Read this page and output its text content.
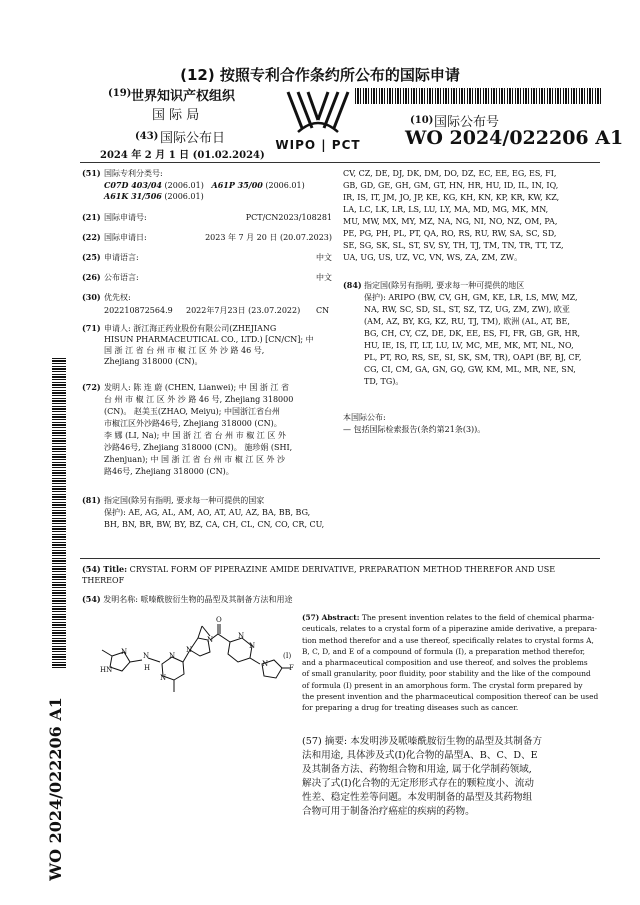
(12) 按照专利合作条约所公布的国际申请
(19) 世界知识产权组织
国 际 局
(43) 国际公布日
2024 年 2 月 1 日 (01.02.2024)
WIPO | PCT
(10) 国际公布号
WO 2024/022206 A1
WO 2024/022206 A1
(51) 国际专利分类号:
C07D 403/04 (2006.01) A61P 35/00 (2006.01)
A61K 31/506 (2006.01)
(21) 国际申请号:	PCT/CN2023/108281
(22) 国际申请日:	2023 年 7 月 20 日 (20.07.2023)
(25) 申请语言:	中文
(26) 公布语言:	中文
(30) 优先权:
202210872564.9 2022年7月23日 (23.07.2022) CN
(71) 申请人: 浙江海正药业股份有限公司(ZHEJIANG
HISUN PHARMACEUTICAL CO., LTD.) [CN/CN]; 中
国 浙 江 省 台 州 市 椒 江 区 外 沙 路 46 号,
Zhejiang 318000 (CN)。
(72) 发明人: 陈 连 蔚 (CHEN, Lianwei); 中 国 浙 江 省
台 州 市 椒 江 区 外 沙 路 46 号, Zhejiang 318000
(CN)。 赵美玉(ZHAO, Meiyu); 中国浙江省台州
市椒江区外沙路46号, Zhejiang 318000 (CN)。
李 娜 (LI, Na); 中 国 浙 江 省 台 州 市 椒 江 区 外
沙路46号, Zhejiang 318000 (CN)。 施珍娟 (SHI,
Zhenjuan); 中 国 浙 江 省 台 州 市 椒 江 区 外 沙
路46号, Zhejiang 318000 (CN)。
(81) 指定国(除另有指明, 要求每一种可提供的国家
保护): AE, AG, AL, AM, AO, AT, AU, AZ, BA, BB, BG,
BH, BN, BR, BW, BY, BZ, CA, CH, CL, CN, CO, CR, CU,
CV, CZ, DE, DJ, DK, DM, DO, DZ, EC, EE, EG, ES, FI,
GB, GD, GE, GH, GM, GT, HN, HR, HU, ID, IL, IN, IQ,
IR, IS, IT, JM, JO, JP, KE, KG, KH, KN, KP, KR, KW, KZ,
LA, LC, LK, LR, LS, LU, LY, MA, MD, MG, MK, MN,
MU, MW, MX, MY, MZ, NA, NG, NI, NO, NZ, OM, PA,
PE, PG, PH, PL, PT, QA, RO, RS, RU, RW, SA, SC, SD,
SE, SG, SK, SL, ST, SV, SY, TH, TJ, TM, TN, TR, TT, TZ,
UA, UG, US, UZ, VC, VN, WS, ZA, ZM, ZW。
(84) 指定国(除另有指明, 要求每一种可提供的地区
保护): ARIPO (BW, CV, GH, GM, KE, LR, LS, MW, MZ,
NA, RW, SC, SD, SL, ST, SZ, TZ, UG, ZM, ZW), 欧亚
(AM, AZ, BY, KG, KZ, RU, TJ, TM), 欧洲 (AL, AT, BE,
BG, CH, CY, CZ, DE, DK, EE, ES, FI, FR, GB, GR, HR,
HU, IE, IS, IT, LT, LU, LV, MC, ME, MK, MT, NL, NO,
PL, PT, RO, RS, SE, SI, SK, SM, TR), OAPI (BF, BJ, CF,
CG, CI, CM, GA, GN, GQ, GW, KM, ML, MR, NE, SN,
TD, TG)。
本国际公布:
— 包括国际检索报告(条约第21条(3))。
(54) Title: CRYSTAL FORM OF PIPERAZINE AMIDE DERIVATIVE, PREPARATION METHOD THEREFOR AND USE
THEREOF
(54) 发明名称: 哌嗪酰胺衍生物的晶型及其制备方法和用途
N N
H
N
N
N
N	N
N
N
O
HN	F
(I)
(57) Abstract: The present invention relates to the field of chemical pharma-
ceuticals, relates to a crystal form of a piperazine amide derivative, a prepara-
tion method therefor and a use thereof, specifically relates to crystal forms A,
B, C, D, and E of a compound of formula (I), a preparation method therefor,
and a pharmaceutical composition and use thereof, and solves the problems
of small granularity, poor fluidity, poor stability and the like of the compound
of formula (I) present in an amorphous form. The crystal form prepared by
the present invention and the pharmaceutical composition thereof can be used
for preparing a drug for treating diseases such as cancer.
(57) 摘要: 本发明涉及哌嗪酰胺衍生物的晶型及其制备方
法和用途, 具体涉及式(I)化合物的晶型A、B、C、D、E
及其制备方法、药物组合物和用途, 属于化学制药领域,
解决了式(I)化合物的无定形形式存在的颗粒度小、流动
性差、稳定性差等问题。本发明制备的晶型及其药物组
合物可用于制备治疗癌症的疾病的药物。
